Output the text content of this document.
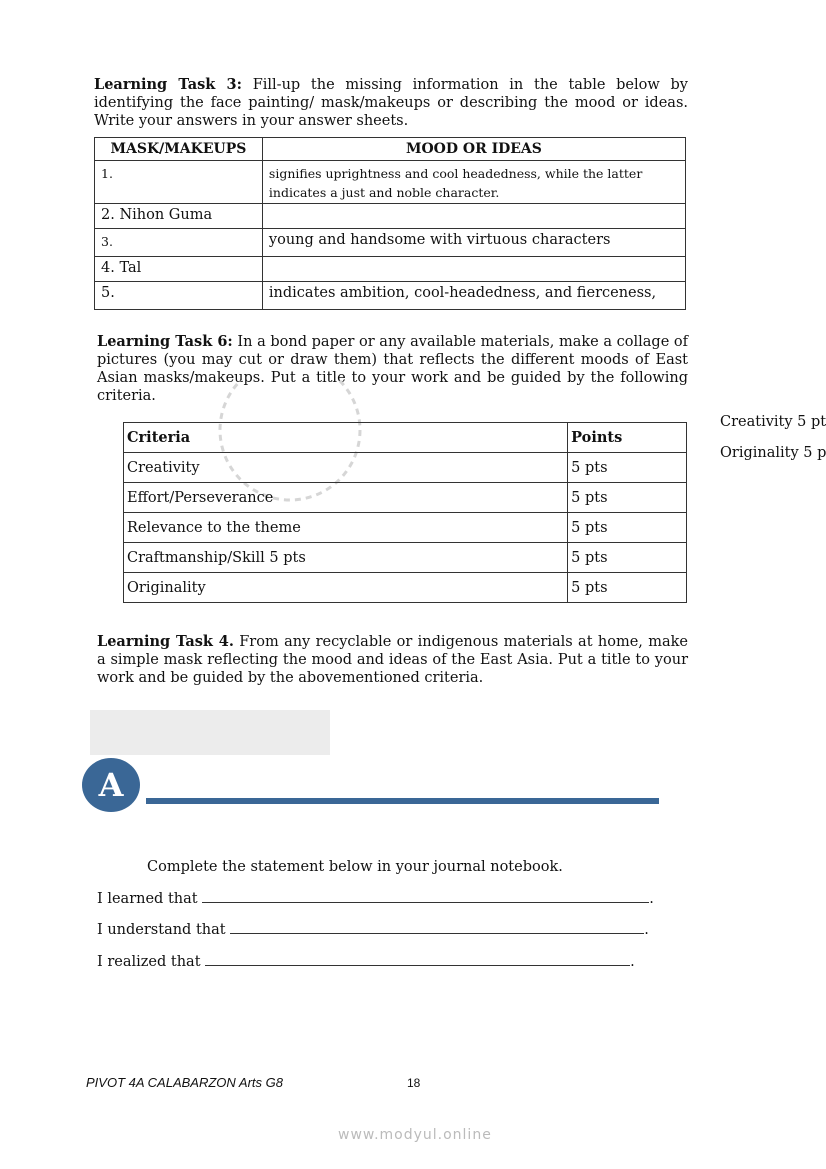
Learning Task 3: Fill-up the missing information in the table below by identifying the face painting/ mask/makeups or describing the mood or ideas. Write your answers in your answer sheets.
MASK/MAKEUPS	MOOD OR IDEAS
1.	signifies uprightness and cool headedness, while the latter indicates a just and noble character.
2. Nihon Guma	
3.	young and handsome with virtuous characters
4. Tal	
5.	indicates ambition, cool-headedness, and fierceness,
Learning Task 6: In a bond paper or any available materials, make a collage of pictures (you may cut or draw them) that reflects the different moods of East Asian masks/makeups. Put a title to your work and be guided by the following criteria.
Criteria	Points
Creativity	5 pts
Effort/Perseverance	5 pts
Relevance to the theme	5 pts
Craftmanship/Skill 5 pts	5 pts
Originality	5 pts
Creativity 5 pt
Originality 5 p
Learning Task 4. From any recyclable or indigenous materials at home, make a simple mask reflecting the mood and ideas of the East Asia. Put a title to your work and be guided by the abovementioned criteria.
A
Complete the statement below in your journal notebook.
I learned that	.
I understand that	.
I realized that	.
PIVOT 4A CALABARZON Arts G8	18
www.modyul.online
